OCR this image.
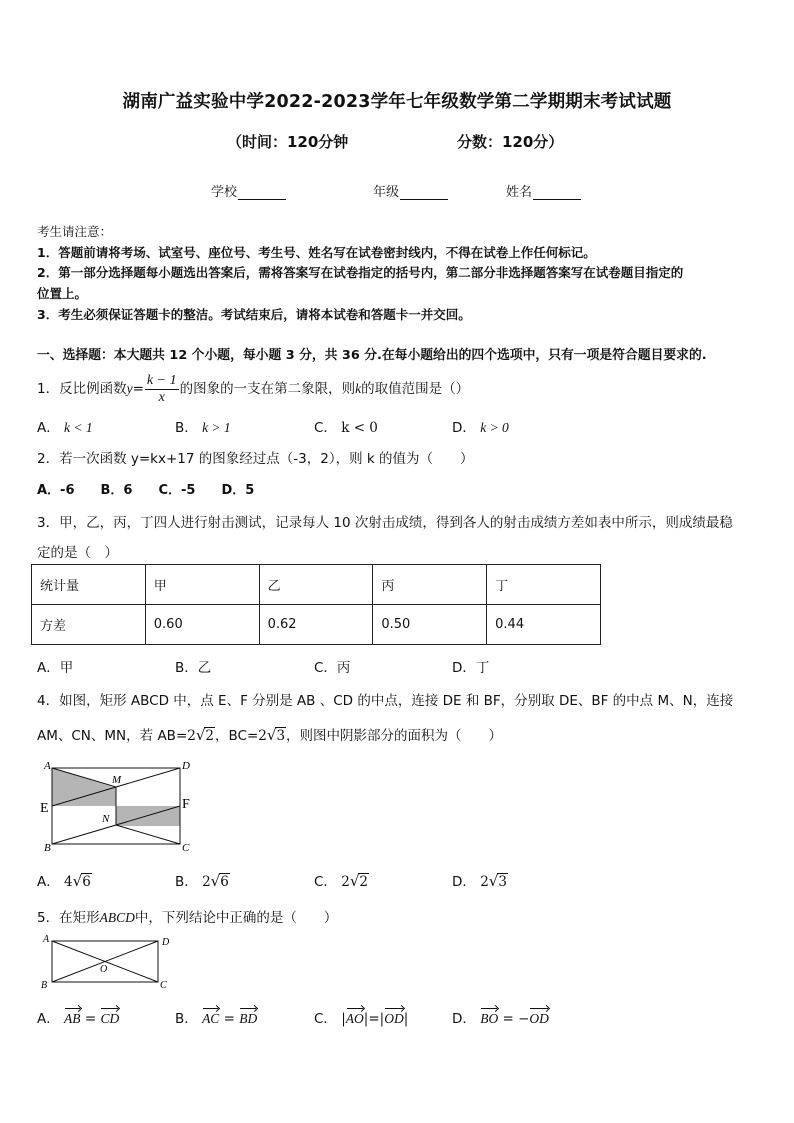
湖南广益实验中学2022-2023学年七年级数学第二学期期末考试试题
（时间：120分钟	分数：120分）
学校	年级	姓名
考生请注意：
1．答题前请将考场、试室号、座位号、考生号、姓名写在试卷密封线内，不得在试卷上作任何标记。
2．第一部分选择题每小题选出答案后，需将答案写在试卷指定的括号内，第二部分非选择题答案写在试卷题目指定的
位置上。
3．考生必须保证答题卡的整洁。考试结束后，请将本试卷和答题卡一并交回。
一、选择题：本大题共 12 个小题，每小题 3 分，共 36 分.在每小题给出的四个选项中，只有一项是符合题目要求的.
1．反比例函数$y= \frac{k - 1}{x}$ 的图象的一支在第二象限，则k的取值范围是（）
A． k < 1	B． k > 1	C． k < 0	D． k > 0
2．若一次函数 y=kx+17 的图象经过点（-3，2），则 k 的值为（　　）
A．-6　　B．6　　C．-5　　D．5
3．甲，乙，丙，丁四人进行射击测试，记录每人 10 次射击成绩，得到各人的射击成绩方差如表中所示，则成绩最稳
定的是（　）
统计量	甲	乙	丙	丁
方差	0.60	0.62	0.50	0.44
A．甲	B．乙	C．丙	D．丁
4．如图，矩形 ABCD 中，点 E、F 分别是 AB 、CD 的中点，连接 DE 和 BF，分别取 DE、BF 的中点 M、N，连接
AM、CN、MN，若 AB=2√2，BC=2√3，则图中阴影部分的面积为（　　）
A	D
M
E	F
N
B	C
A． 4√6	B． 2√6	C． 2√2	D． 2√3
5．在矩形ABCD中，下列结论中正确的是（　　）
A	D
O
B	C
A． AB = CD	B． AC = BD	C． |AO|=|OD|	D． BO = −OD
